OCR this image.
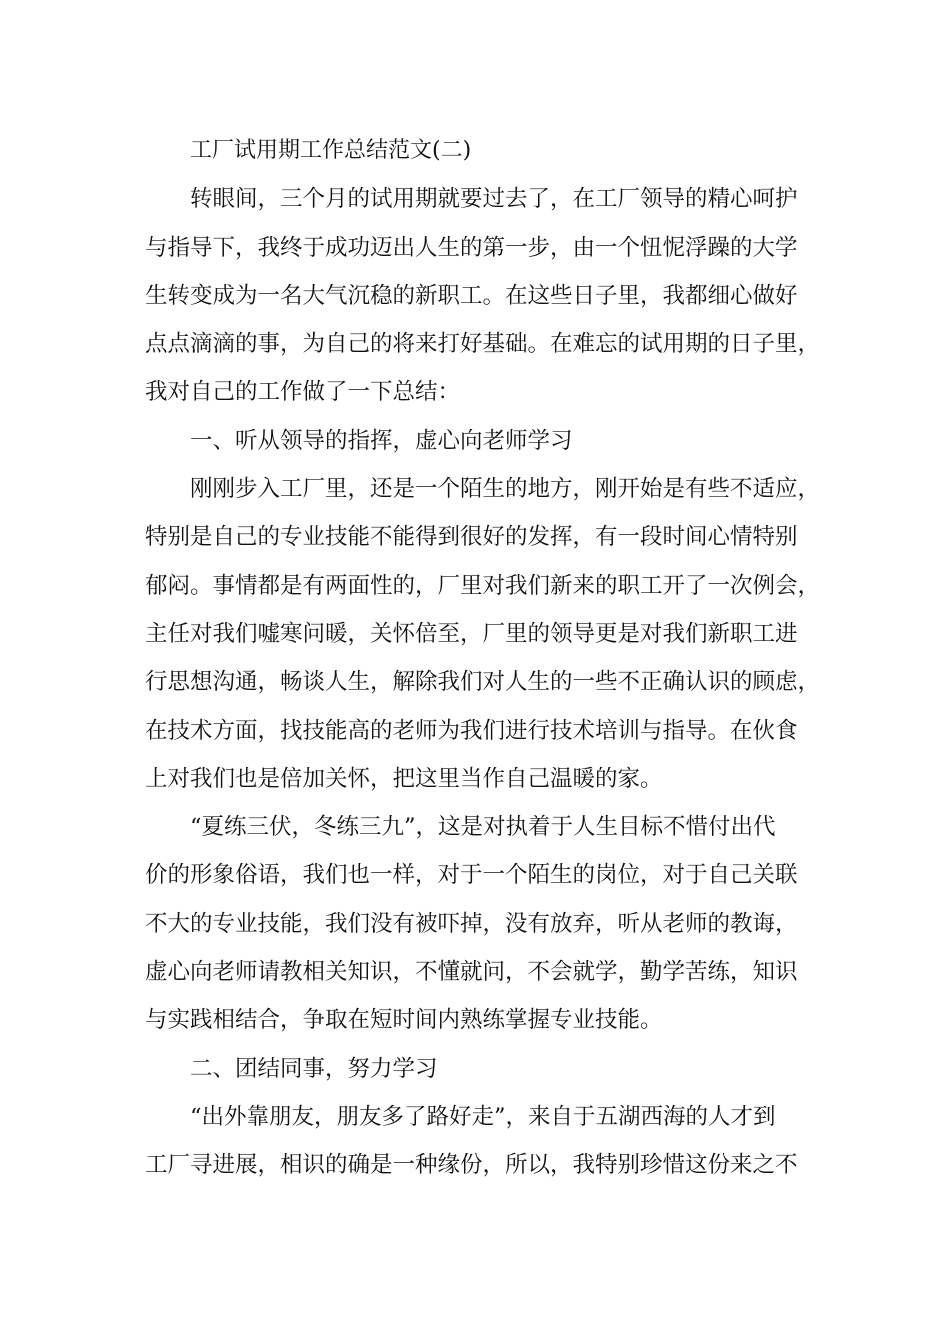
工厂试用期工作总结范文(二)
转眼间，三个月的试用期就要过去了，在工厂领导的精心呵护
与指导下，我终于成功迈出人生的第一步，由一个忸怩浮躁的大学
生转变成为一名大气沉稳的新职工。在这些日子里，我都细心做好
点点滴滴的事，为自己的将来打好基础。在难忘的试用期的日子里，
我对自己的工作做了一下总结：
一、听从领导的指挥，虚心向老师学习
刚刚步入工厂里，还是一个陌生的地方，刚开始是有些不适应，
特别是自己的专业技能不能得到很好的发挥，有一段时间心情特别
郁闷。事情都是有两面性的，厂里对我们新来的职工开了一次例会，
主任对我们嘘寒问暖，关怀倍至，厂里的领导更是对我们新职工进
行思想沟通，畅谈人生，解除我们对人生的一些不正确认识的顾虑，
在技术方面，找技能高的老师为我们进行技术培训与指导。在伙食
上对我们也是倍加关怀，把这里当作自己温暖的家。
“夏练三伏，冬练三九”，这是对执着于人生目标不惜付出代
价的形象俗语，我们也一样，对于一个陌生的岗位，对于自己关联
不大的专业技能，我们没有被吓掉，没有放弃，听从老师的教诲，
虚心向老师请教相关知识，不懂就问，不会就学，勤学苦练，知识
与实践相结合，争取在短时间内熟练掌握专业技能。
二、团结同事，努力学习
“出外靠朋友，朋友多了路好走”，来自于五湖西海的人才到
工厂寻进展，相识的确是一种缘份，所以，我特别珍惜这份来之不
